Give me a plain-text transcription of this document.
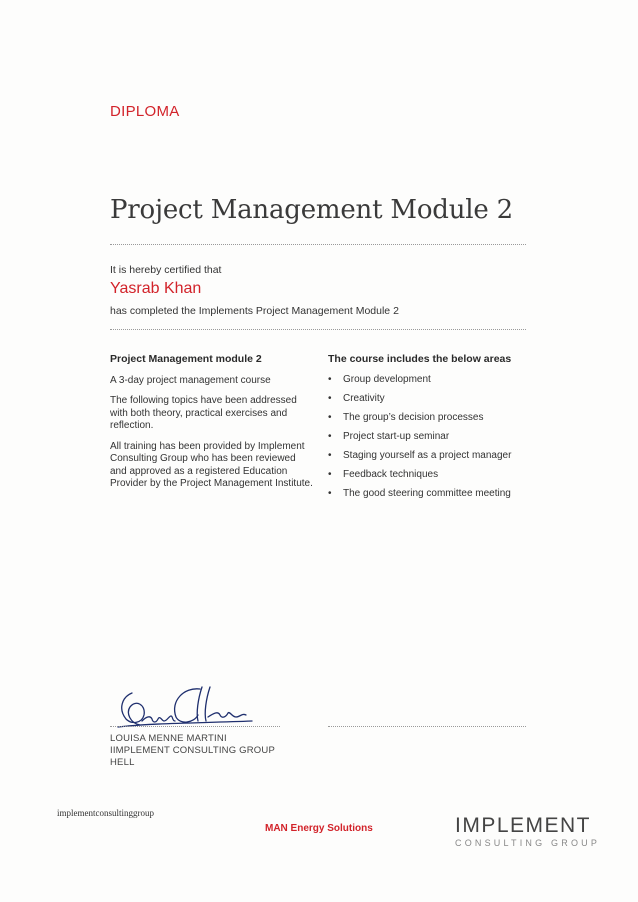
DIPLOMA
Project Management Module 2
It is hereby certified that
Yasrab Khan
has completed the Implements Project Management Module 2
Project Management module 2

A 3-day project management course

The following topics have been addressed with both theory, practical exercises and reflection.

All training has been provided by Implement Consulting Group who has been reviewed and approved as a registered Education Provider by the Project Management Institute.

The course includes the below areas
• Group development
• Creativity
• The group’s decision processes
• Project start-up seminar
• Staging yourself as a project manager
• Feedback techniques
• The good steering committee meeting
LOUISA MENNE MARTINI
IIMPLEMENT CONSULTING GROUP
HELL
implementconsultinggroup
MAN Energy Solutions	IMPLEMENT
CONSULTING GROUP
